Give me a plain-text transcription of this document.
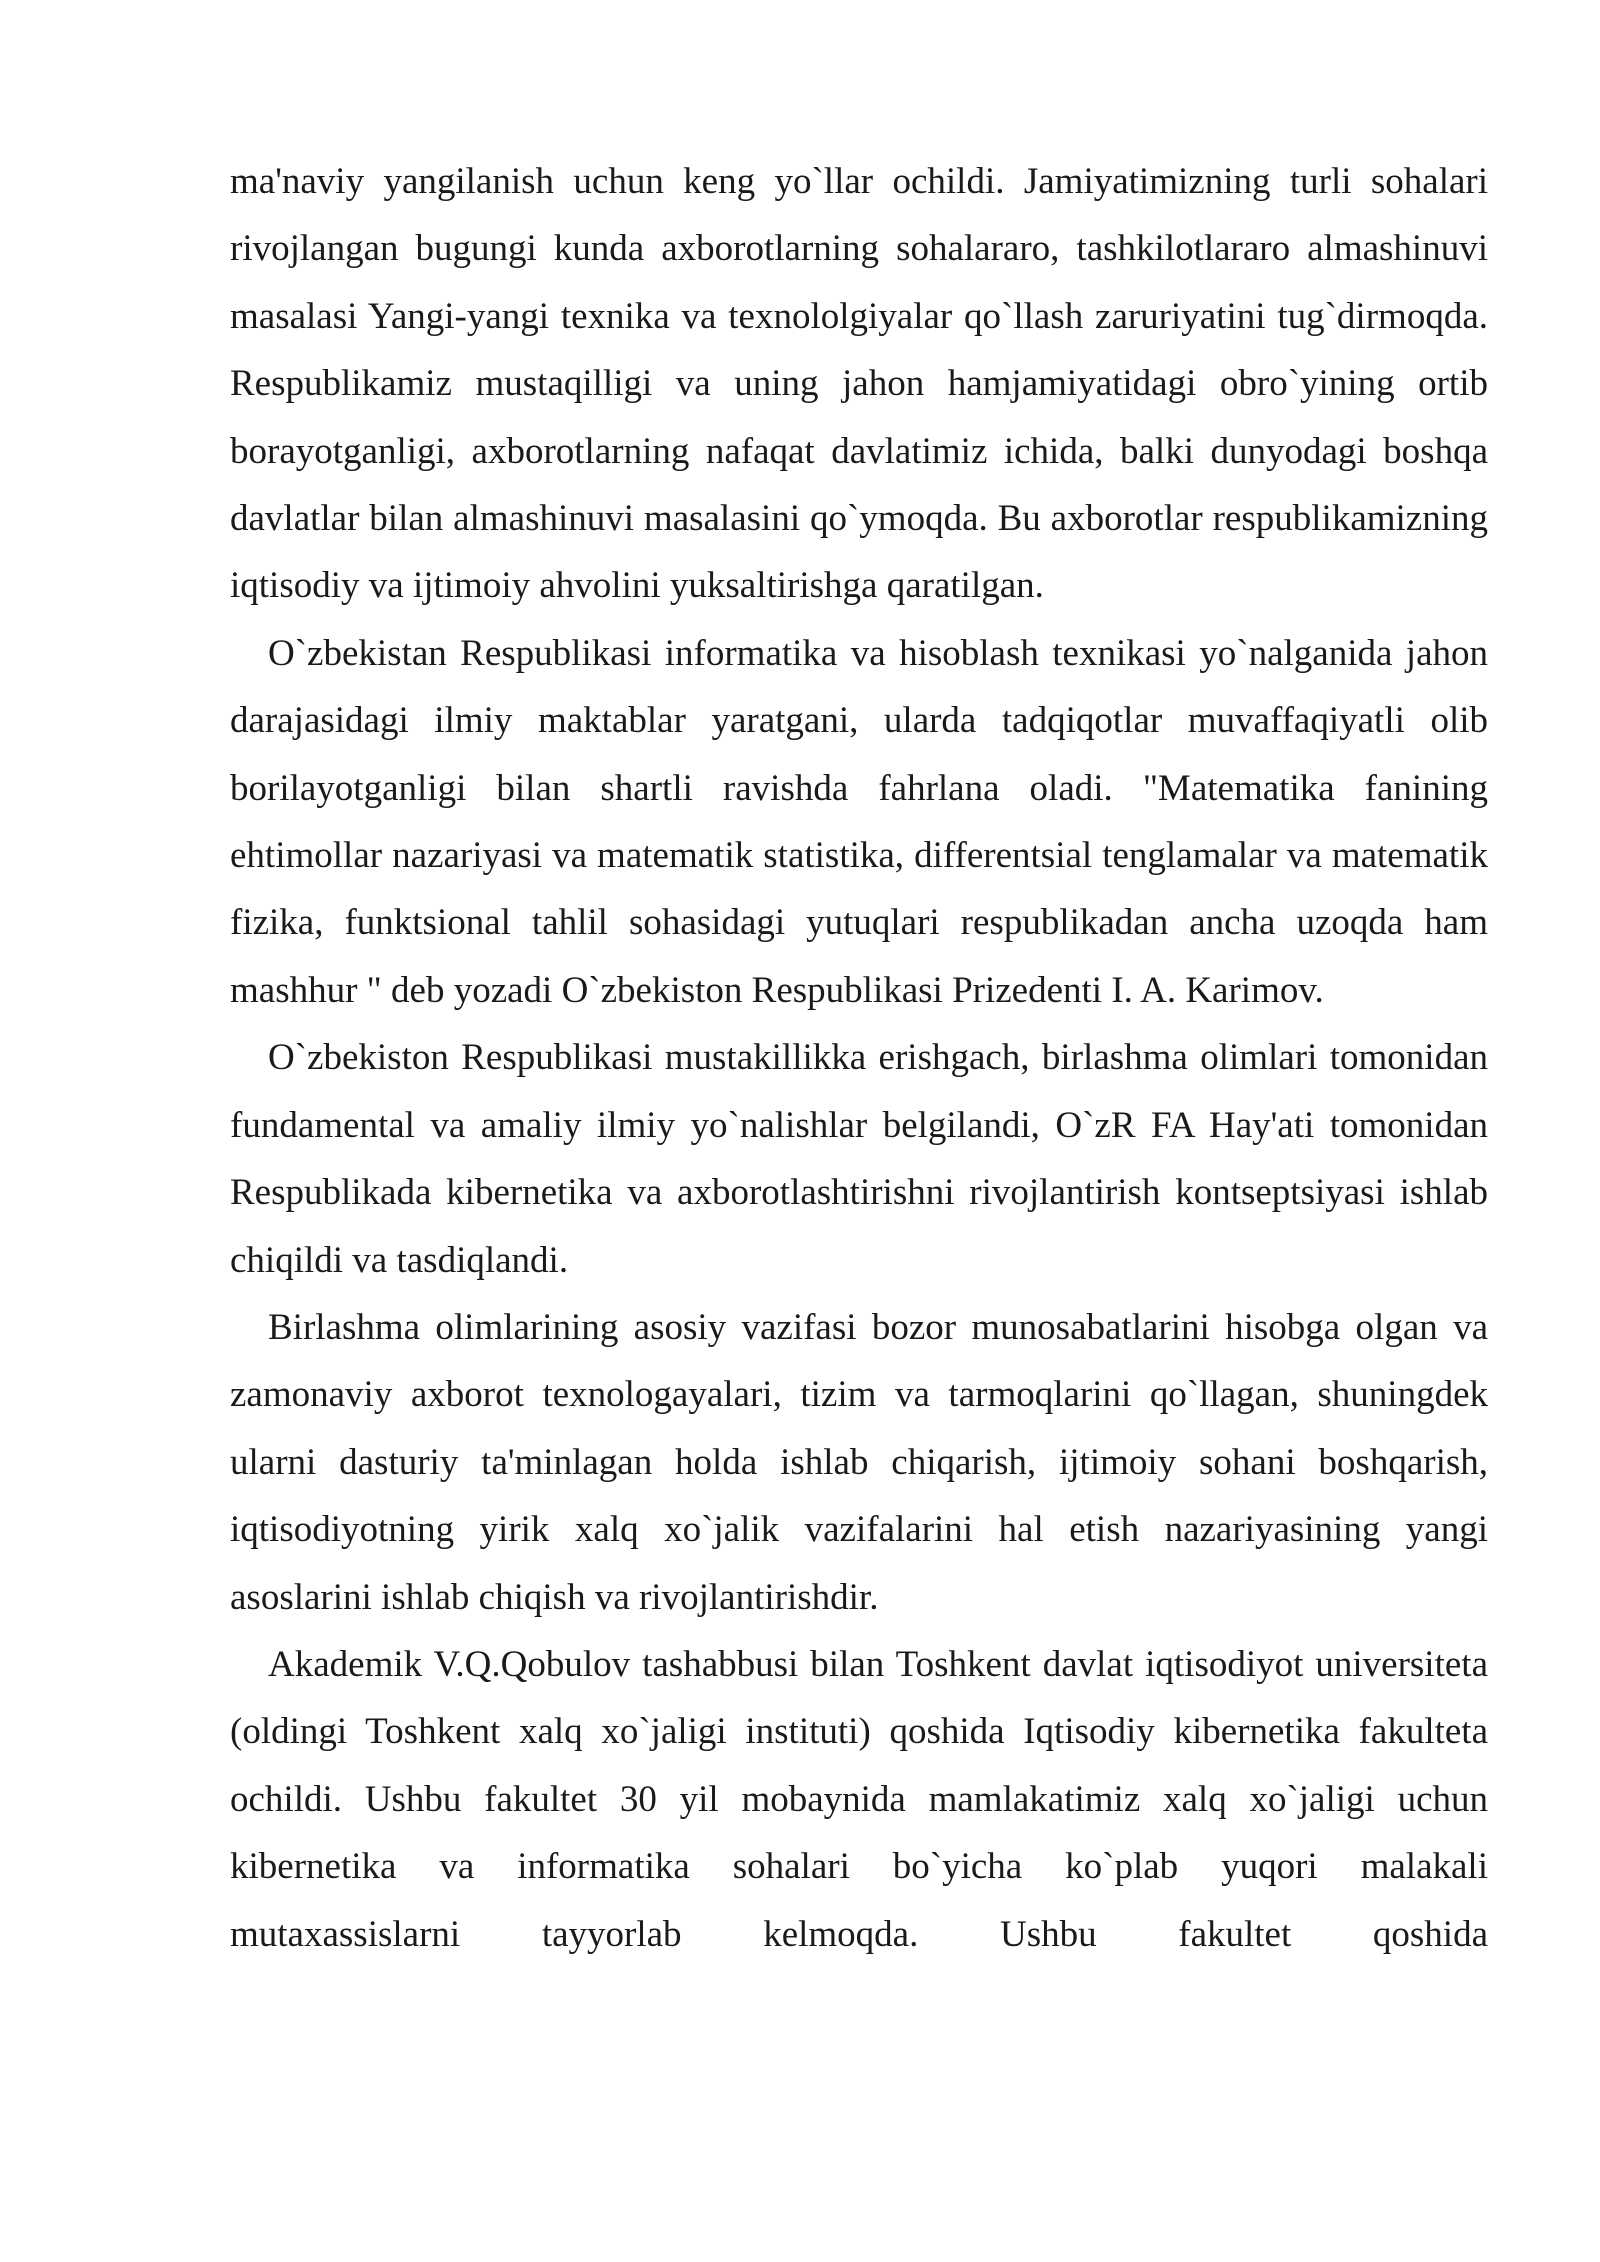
ma'naviy yangilanish uchun keng yo`llar ochildi. Jamiyatimizning turli sohalari rivojlangan bugungi kunda axborotlarning sohalararo, tashkilotlararo almashinuvi masalasi Yangi-yangi texnika va texnololgiyalar qo`llash zaruriyatini tug`dirmoqda. Respublikamiz mustaqilligi va uning jahon hamjamiyatidagi obro`yining ortib borayotganligi, axborotlarning nafaqat davlatimiz ichida, balki dunyodagi boshqa davlatlar bilan almashinuvi masalasini qo`ymoqda. Bu axborotlar respublikamizning iqtisodiy va ijtimoiy ahvolini yuksaltirishga qaratilgan.

O`zbekistan Respublikasi informatika va hisoblash texnikasi yo`nalganida jahon darajasidagi ilmiy maktablar yaratgani, ularda tadqiqotlar muvaffaqiyatli olib borilayotganligi bilan shartli ravishda fahrlana oladi. "Matematika fanining ehtimollar nazariyasi va matematik statistika, differentsial tenglamalar va matematik fizika, funktsional tahlil sohasidagi yutuqlari respublikadan ancha uzoqda ham mashhur " deb yozadi O`zbekiston Respublikasi Prizedenti I. A. Karimov.

O`zbekiston Respublikasi mustakillikka erishgach, birlashma olimlari tomonidan fundamental va amaliy ilmiy yo`nalishlar belgilandi, O`zR FA Hay'ati tomonidan Respublikada kibernetika va axborotlashtirishni rivojlantirish kontseptsiyasi ishlab chiqildi va tasdiqlandi.

Birlashma olimlarining asosiy vazifasi bozor munosabatlarini hisobga olgan va zamonaviy axborot texnologayalari, tizim va tarmoqlarini qo`llagan, shuningdek ularni dasturiy ta'minlagan holda ishlab chiqarish, ijtimoiy sohani boshqarish, iqtisodiyotning yirik xalq xo`jalik vazifalarini hal etish nazariyasining yangi asoslarini ishlab chiqish va rivojlantirishdir.

Akademik V.Q.Qobulov tashabbusi bilan Toshkent davlat iqtisodiyot universiteta (oldingi Toshkent xalq xo`jaligi instituti) qoshida Iqtisodiy kibernetika fakulteta ochildi. Ushbu fakultet 30 yil mobaynida mamlakatimiz xalq xo`jaligi uchun kibernetika va informatika sohalari bo`yicha ko`plab yuqori malakali mutaxassislarni tayyorlab kelmoqda. Ushbu fakultet qoshida
